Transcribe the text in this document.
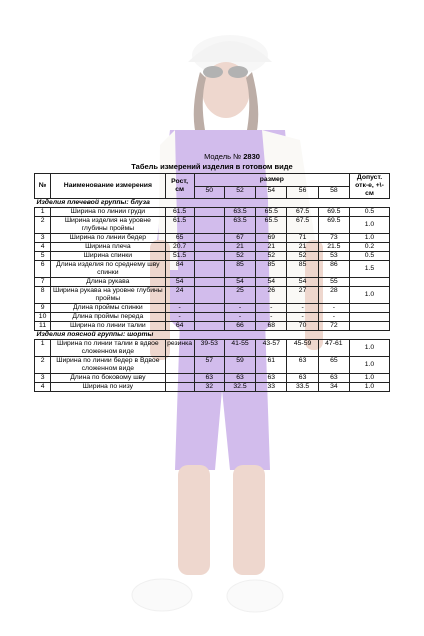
Модель № 2830
Табель измерений изделия в готовом виде
№	Наименование измерения	Рост, см	размер					Допуст. отк-е, +\-см
			50	52	54	56	58	
Изделия плечевой группы: блуза								
1	Ширина по линии груди	61.5		63.5	65.5	67.5	69.5	0.5
2	Ширина изделия на уровне глубины проймы	61.5		63.5	65.5	67.5	69.5	1.0
3	Ширина по линии бедер	65		67	69	71	73	1.0
4	Ширина плеча	20.7		21	21	21	21.5	0.2
5	Ширина спинки	51.5		52	52	52	53	0.5
6	Длина изделия по среднему шву спинки	84		85	85	85	86	1.5
7	Длина рукава	54		54	54	54	55	
8	Ширина рукава на уровне глубины проймы	24		25	26	27	28	1.0
9	Длина проймы спинки	-		-	-	-	-	
10	Длина проймы переда	-		-	-	-	-	
11	Ширина по линии талии	64		66	68	70	72	
Изделия поясной группы: шорты								
1	Ширина по линии талии в вдвое сложенном виде	резинка	39-53	41-55	43-57	45-59	47-61	1.0
2	Ширина по линии бедер в Вдвое сложенном виде		57	59	61	63	65	1.0
3	Длина по боковому шву		63	63	63	63	63	1.0
4	Ширина по низу		32	32.5	33	33.5	34	1.0
